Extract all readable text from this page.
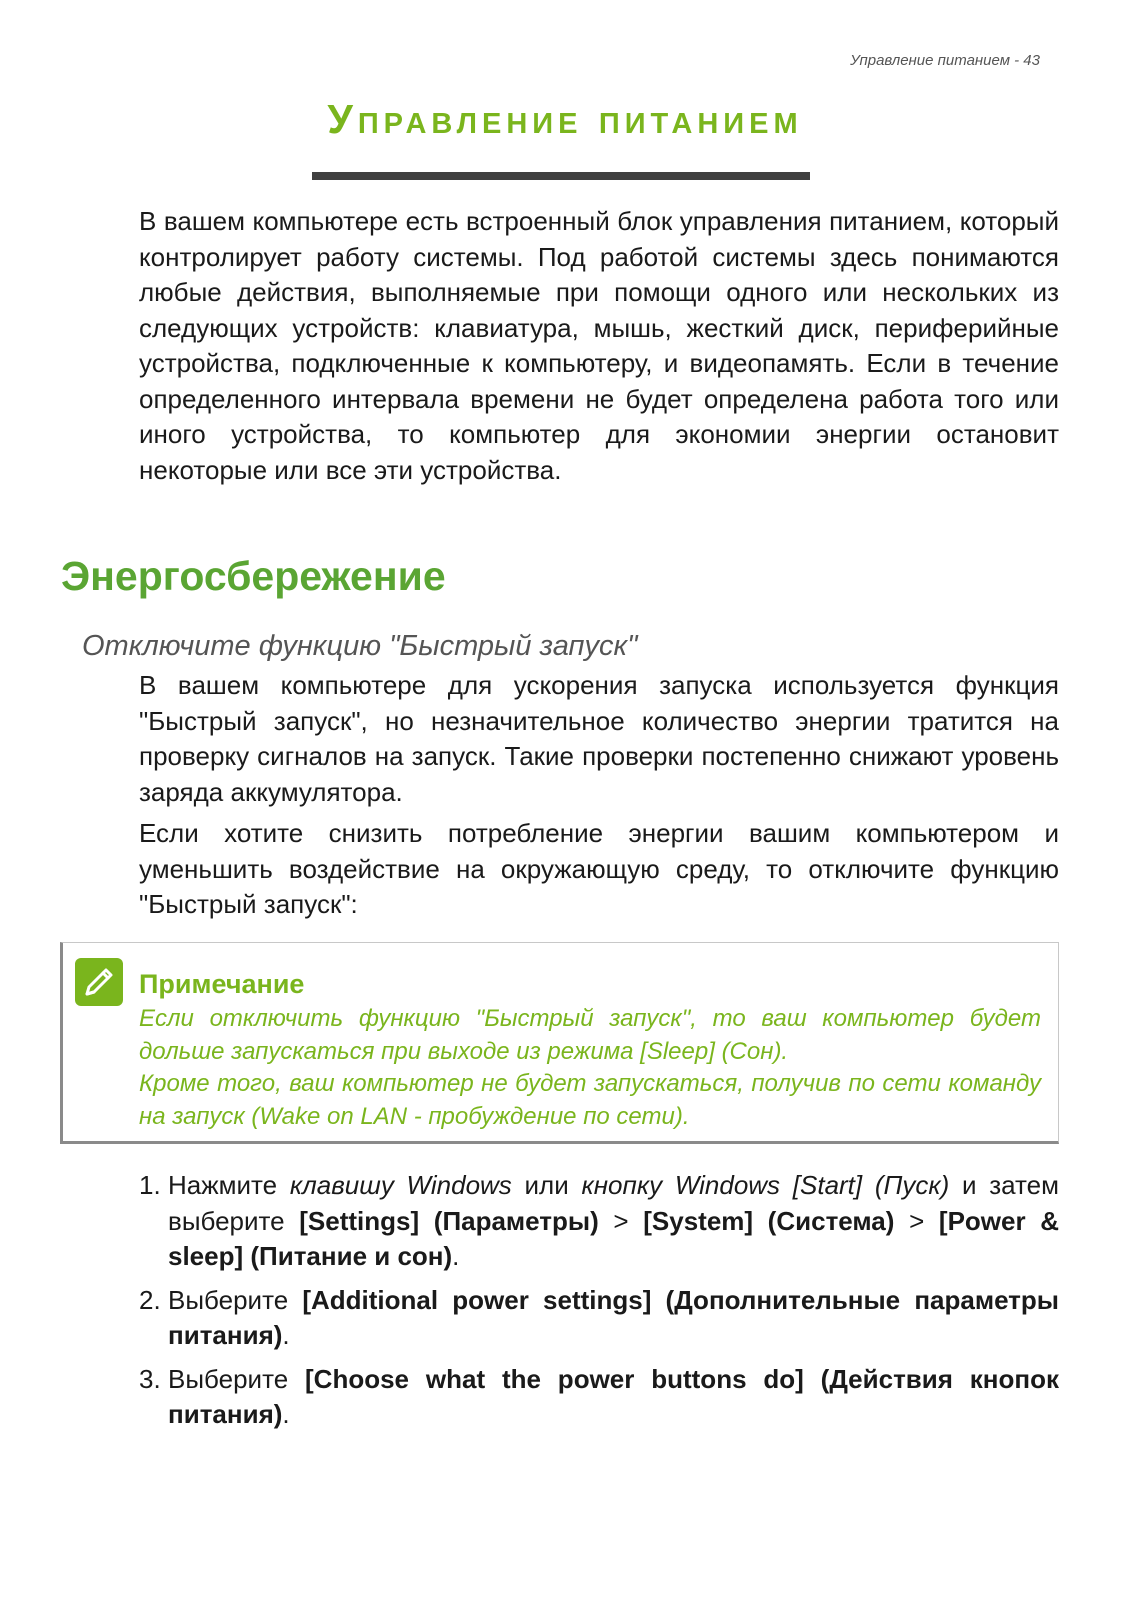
Управление питанием - 43
Управление питанием

В вашем компьютере есть встроенный блок управления питанием, который контролирует работу системы. Под работой системы здесь понимаются любые действия, выполняемые при помощи одного или нескольких из следующих устройств: клавиатура, мышь, жесткий диск, периферийные устройства, подключенные к компьютеру, и видеопамять. Если в течение определенного интервала времени не будет определена работа того или иного устройства, то компьютер для экономии энергии остановит некоторые или все эти устройства.

Энергосбережение
Отключите функцию "Быстрый запуск"

В вашем компьютере для ускорения запуска используется функция "Быстрый запуск", но незначительное количество энергии тратится на проверку сигналов на запуск. Такие проверки постепенно снижают уровень заряда аккумулятора.

Если хотите снизить потребление энергии вашим компьютером и уменьшить воздействие на окружающую среду, то отключите функцию "Быстрый запуск":

Примечание

Если отключить функцию "Быстрый запуск", то ваш компьютер будет дольше запускаться при выходе из режима [Sleep] (Сон).

Кроме того, ваш компьютер не будет запускаться, получив по сети команду на запуск (Wake on LAN - пробуждение по сети).

1. Нажмите клавишу Windows или кнопку Windows [Start] (Пуск) и затем выберите [Settings] (Параметры) > [System] (Система) > [Power & sleep] (Питание и сон).
2. Выберите [Additional power settings] (Дополнительные параметры питания).
3. Выберите [Choose what the power buttons do] (Действия кнопок питания).
